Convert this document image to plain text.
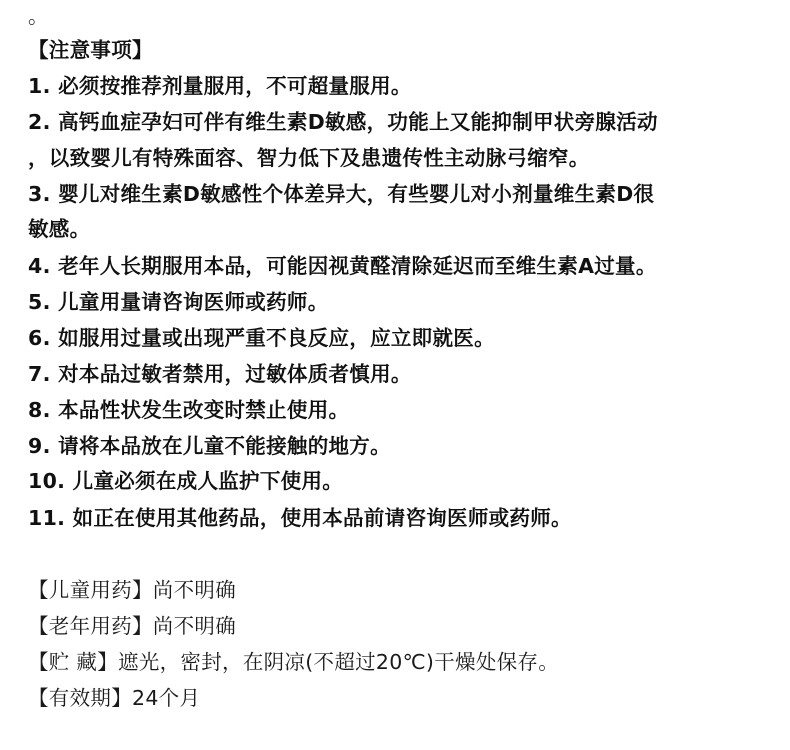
。
【注意事项】
1. 必须按推荐剂量服用，不可超量服用。
2. 高钙血症孕妇可伴有维生素D敏感，功能上又能抑制甲状旁腺活动
，以致婴儿有特殊面容、智力低下及患遗传性主动脉弓缩窄。
3. 婴儿对维生素D敏感性个体差异大，有些婴儿对小剂量维生素D很
敏感。
4. 老年人长期服用本品，可能因视黄醛清除延迟而至维生素A过量。
5. 儿童用量请咨询医师或药师。
6. 如服用过量或出现严重不良反应，应立即就医。
7. 对本品过敏者禁用，过敏体质者慎用。
8. 本品性状发生改变时禁止使用。
9. 请将本品放在儿童不能接触的地方。
10. 儿童必须在成人监护下使用。
11. 如正在使用其他药品，使用本品前请咨询医师或药师。
【儿童用药】尚不明确
【老年用药】尚不明确
【贮 藏】遮光，密封，在阴凉(不超过20℃)干燥处保存。
【有效期】24个月
